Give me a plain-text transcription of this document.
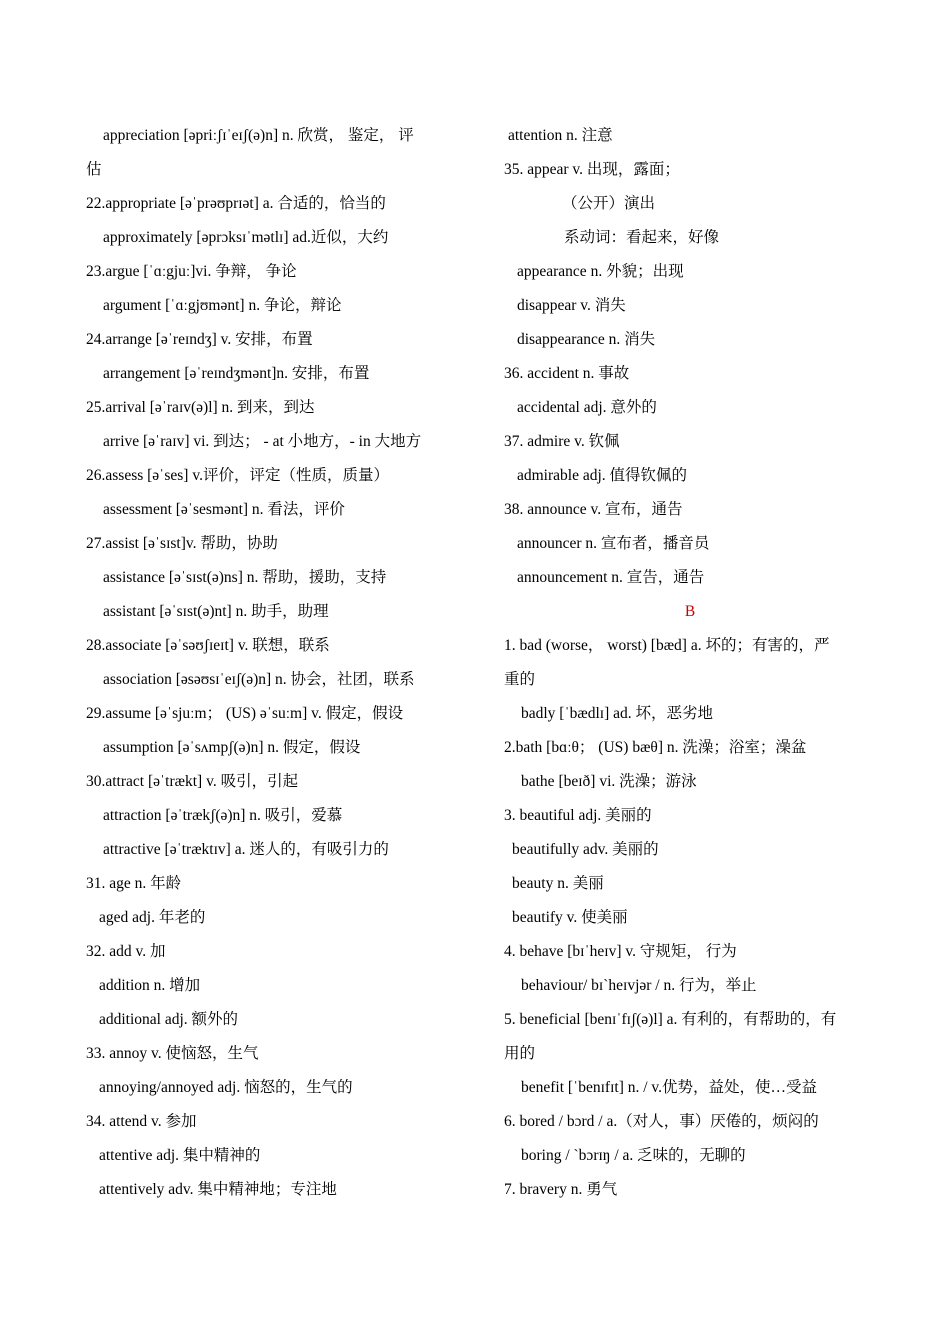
appreciation [əpriːʃɪˈeɪʃ(ə)n] n. 欣赏， 鉴定， 评
估
22.appropriate [əˈprəʊprɪət] a. 合适的，恰当的
approximately [əprɔksɪˈmətlɪ] ad.近似，大约
23.argue [ˈɑːgjuː]vi. 争辩， 争论
argument [ˈɑːgjʊmənt] n. 争论，辩论
24.arrange [əˈreɪndʒ] v. 安排，布置
arrangement [əˈreɪndʒmənt]n. 安排，布置
25.arrival [əˈraɪv(ə)l] n. 到来，到达
arrive [əˈraɪv] vi. 到达； - at 小地方，- in 大地方
26.assess [əˈses] v.评价，评定（性质，质量）
assessment [əˈsesmənt] n. 看法，评价
27.assist [əˈsɪst]v. 帮助，协助
assistance [əˈsɪst(ə)ns] n. 帮助，援助，支持
assistant [əˈsɪst(ə)nt] n. 助手，助理
28.associate [əˈsəʊʃɪeɪt] v. 联想，联系
association [əsəʊsɪˈeɪʃ(ə)n] n. 协会，社团，联系
29.assume [əˈsjuːm； (US) əˈsuːm] v. 假定，假设
assumption [əˈsʌmpʃ(ə)n] n. 假定，假设
30.attract [əˈtrækt] v. 吸引，引起
attraction [əˈtrækʃ(ə)n] n. 吸引，爱慕
attractive [əˈtræktɪv] a. 迷人的，有吸引力的
31. age n. 年龄
aged adj. 年老的
32. add v. 加
addition n. 增加
additional adj. 额外的
33. annoy v. 使恼怒，生气
annoying/annoyed adj. 恼怒的，生气的
34. attend v. 参加
attentive adj. 集中精神的
attentively adv. 集中精神地；专注地
attention n. 注意
35. appear v. 出现，露面；
（公开）演出
系动词：看起来，好像
appearance n. 外貌；出现
disappear v. 消失
disappearance n. 消失
36. accident n. 事故
accidental adj. 意外的
37. admire v. 钦佩
admirable adj. 值得钦佩的
38. announce v. 宣布，通告
announcer n. 宣布者，播音员
announcement n. 宣告，通告
B
1. bad (worse， worst) [bæd] a. 坏的；有害的，严
重的
badly [ˈbædlɪ] ad. 坏，恶劣地
2.bath [bɑːθ； (US) bæθ] n. 洗澡；浴室；澡盆
bathe [beɪð] vi. 洗澡；游泳
3. beautiful adj. 美丽的
beautifully adv. 美丽的
beauty n. 美丽
beautify v. 使美丽
4. behave [bɪˈheɪv] v. 守规矩， 行为
behaviour/ bɪˋheɪvjər / n. 行为，举止
5. beneficial [benɪˈfɪʃ(ə)l] a. 有利的，有帮助的，有
用的
benefit [ˈbenɪfɪt] n. / v.优势，益处，使…受益
6. bored / bɔrd / a.（对人，事）厌倦的，烦闷的
boring / ˋbɔrɪŋ / a. 乏味的，无聊的
7. bravery n. 勇气
